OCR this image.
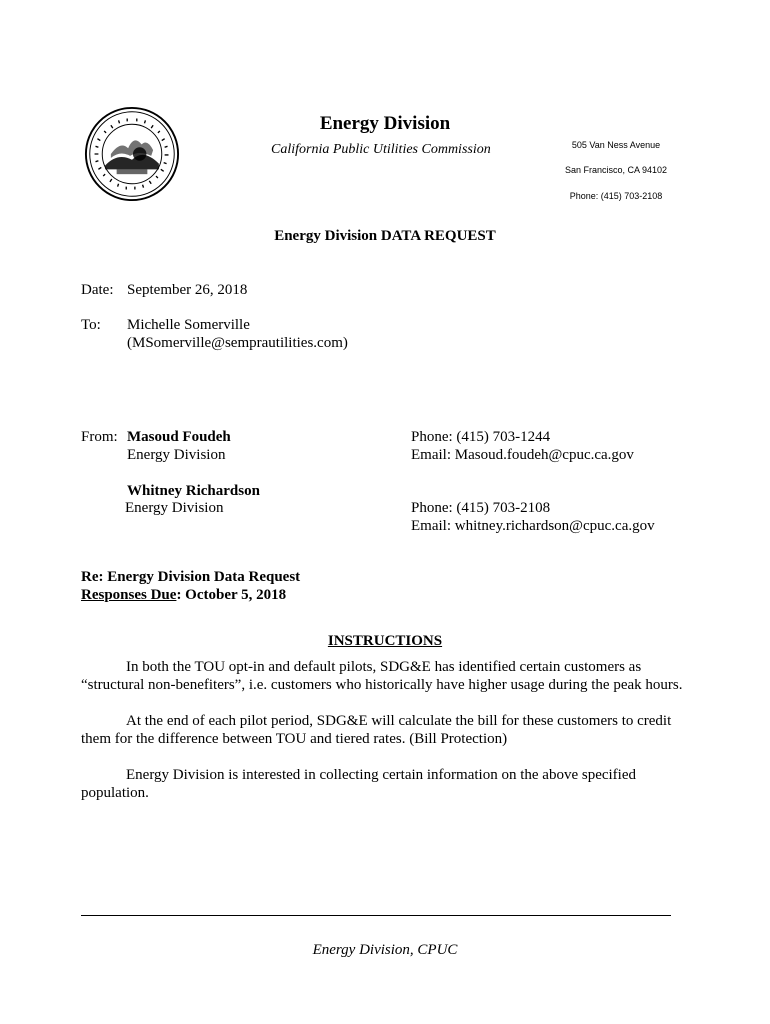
Energy Division
California Public Utilities Commission	505 Van Ness Avenue
San Francisco, CA 94102
Phone: (415) 703-2108
Energy Division DATA REQUEST
Date: September 26, 2018
To: Michelle Somerville
(MSomerville@semprautilities.com)
From: Masoud Foudeh
Energy Division
Phone: (415) 703-1244
Email: Masoud.foudeh@cpuc.ca.gov
Whitney Richardson
Energy Division	Phone: (415) 703-2108
Email: whitney.richardson@cpuc.ca.gov
Re: Energy Division Data Request
Responses Due: October 5, 2018
INSTRUCTIONS
In both the TOU opt-in and default pilots, SDG&E has identified certain customers as “structural non-benefiters”, i.e. customers who historically have higher usage during the peak hours.
At the end of each pilot period, SDG&E will calculate the bill for these customers to credit them for the difference between TOU and tiered rates. (Bill Protection)
Energy Division is interested in collecting certain information on the above specified population.
Energy Division, CPUC
